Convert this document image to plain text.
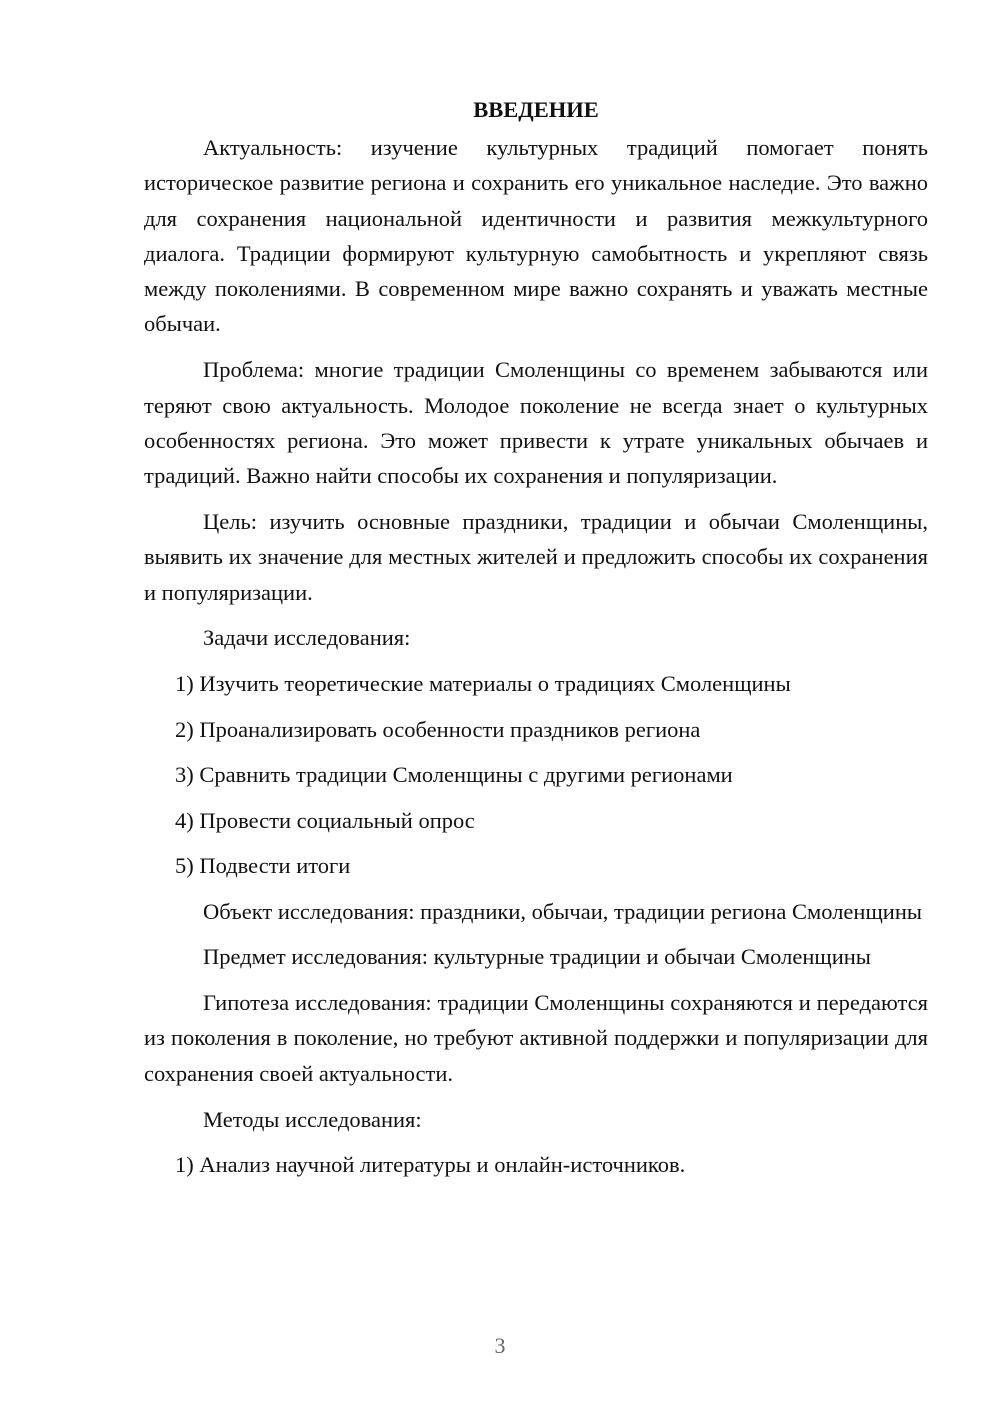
ВВЕДЕНИЕ

Актуальность: изучение культурных традиций помогает понять историческое развитие региона и сохранить его уникальное наследие. Это важно для сохранения национальной идентичности и развития межкультурного диалога. Традиции формируют культурную самобытность и укрепляют связь между поколениями. В современном мире важно сохранять и уважать местные обычаи.

Проблема: многие традиции Смоленщины со временем забываются или теряют свою актуальность. Молодое поколение не всегда знает о культурных особенностях региона. Это может привести к утрате уникальных обычаев и традиций. Важно найти способы их сохранения и популяризации.

Цель: изучить основные праздники, традиции и обычаи Смоленщины, выявить их значение для местных жителей и предложить способы их сохранения и популяризации.

Задачи исследования:

1) Изучить теоретические материалы о традициях Смоленщины

2) Проанализировать особенности праздников региона

3) Сравнить традиции Смоленщины с другими регионами

4) Провести социальный опрос

5) Подвести итоги

Объект исследования: праздники, обычаи, традиции региона Смоленщины

Предмет исследования: культурные традиции и обычаи Смоленщины

Гипотеза исследования: традиции Смоленщины сохраняются и передаются из поколения в поколение, но требуют активной поддержки и популяризации для сохранения своей актуальности.

Методы исследования:

1) Анализ научной литературы и онлайн-источников.

3
